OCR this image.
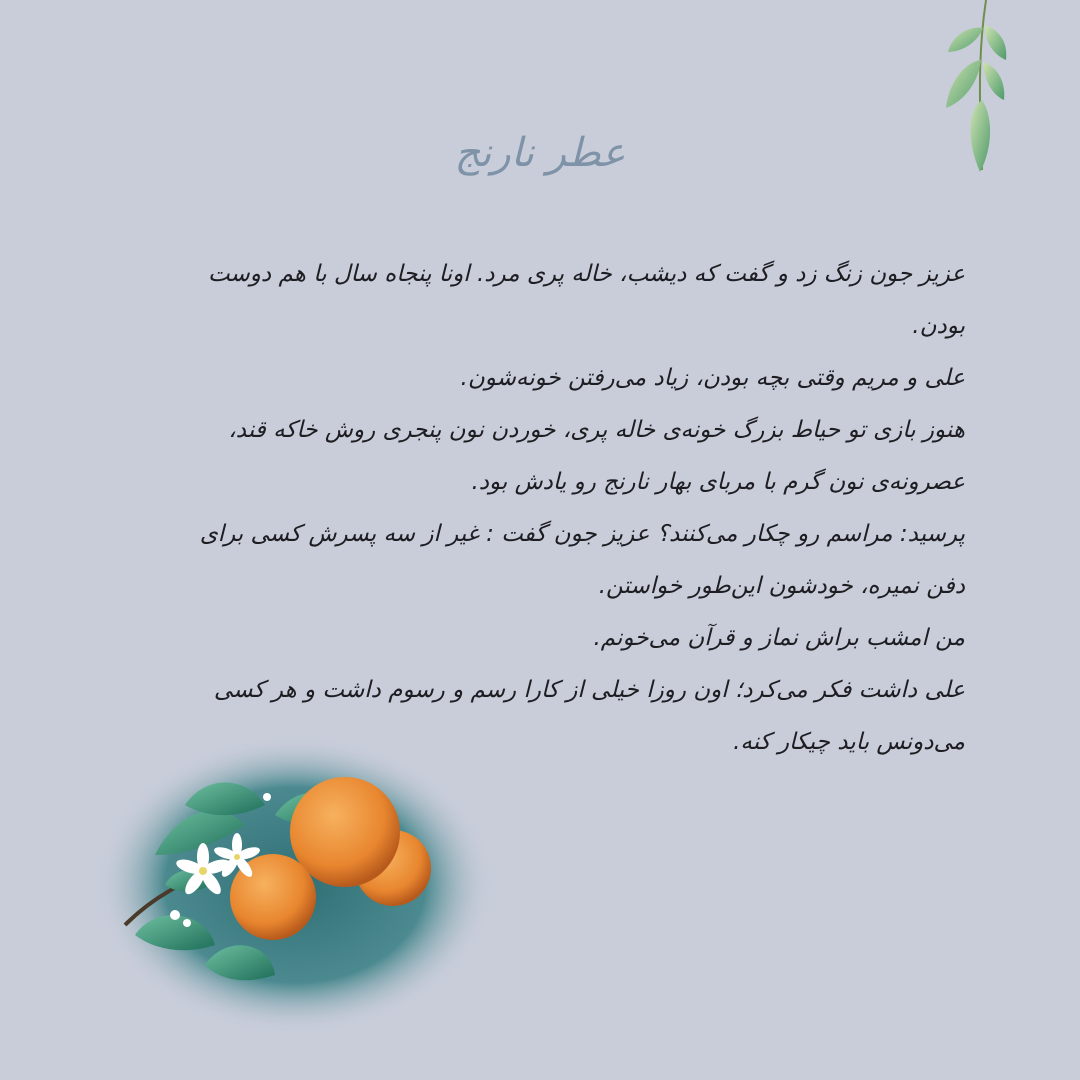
عطر نارنج

عزیز جون زنگ زد و گفت که دیشب، خاله پری مرد. اونا پنجاه سال با هم دوست بودن.

علی و مریم وقتی بچه بودن، زیاد می‌رفتن خونه‌شون.

هنوز بازی تو حیاط بزرگ خونه‌ی خاله پری، خوردن نون پنجری روش خاکه قند، عصرونه‌ی نون گرم با مربای بهار نارنج رو یادش بود.

پرسید: مراسم رو چکار می‌کنند؟ عزیز جون گفت : غیر از سه پسرش کسی برای دفن نمیره، خودشون این‌طور خواستن.

من امشب براش نماز و قرآن می‌خونم.

علی داشت فکر می‌کرد؛ اون روزا خیلی از کارا رسم و رسوم داشت و هر کسی می‌دونس باید چیکار کنه.
